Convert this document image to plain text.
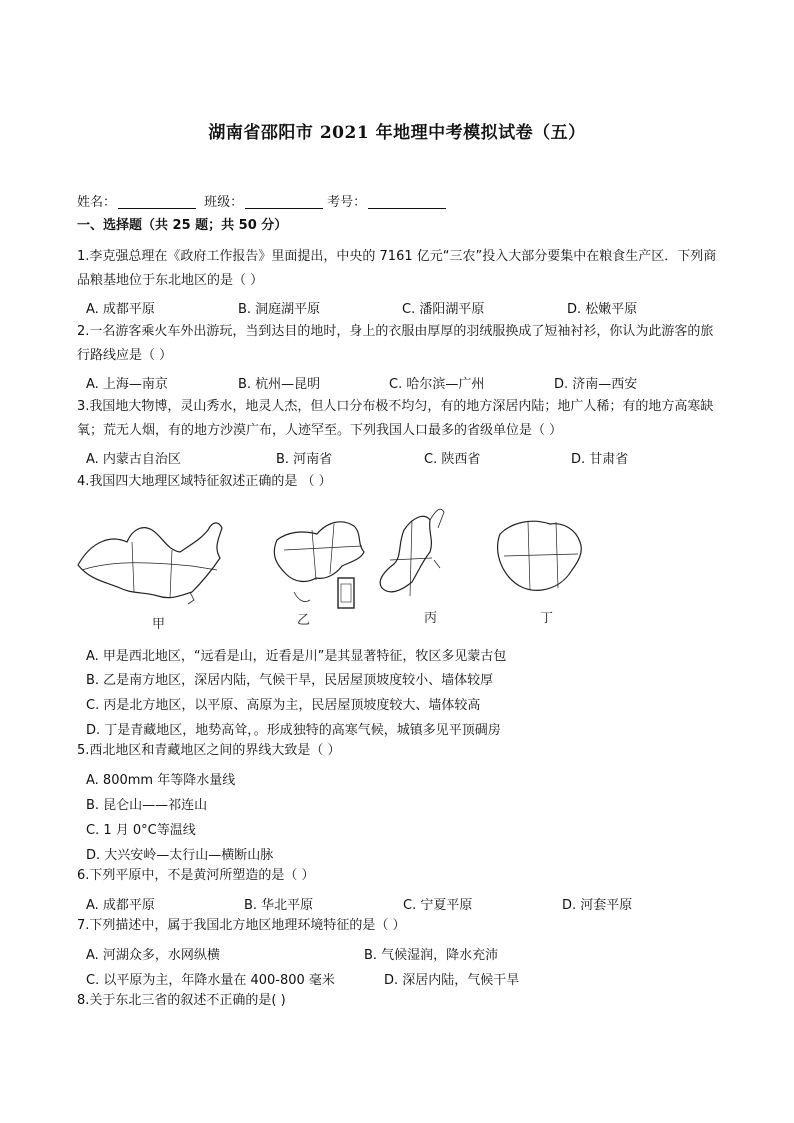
湖南省邵阳市 2021 年地理中考模拟试卷（五）
姓名：	班级：	考号：
一、选择题（共 25 题；共 50 分）
1.李克强总理在《政府工作报告》里面提出，中央的 7161 亿元“三农”投入大部分要集中在粮食生产区．下列商品粮基地位于东北地区的是（ ）
A. 成都平原	B. 洞庭湖平原	C. 潘阳湖平原	D. 松嫩平原
2.一名游客乘火车外出游玩，当到达目的地时，身上的衣服由厚厚的羽绒服换成了短袖衬衫，你认为此游客的旅行路线应是（ ）
A. 上海—南京	B. 杭州—昆明	C. 哈尔滨—广州	D. 济南—西安
3.我国地大物博，灵山秀水，地灵人杰，但人口分布极不均匀，有的地方深居内陆；地广人稀；有的地方高寒缺氧；荒无人烟，有的地方沙漠广布，人迹罕至。下列我国人口最多的省级单位是（ ）
A. 内蒙古自治区	B. 河南省	C. 陕西省	D. 甘肃省
4.我国四大地理区域特征叙述正确的是 （ ）
甲	乙	丙	丁
A. 甲是西北地区，“远看是山，近看是川”是其显著特征，牧区多见蒙古包
B. 乙是南方地区，深居内陆，气候干旱，民居屋顶坡度较小、墙体较厚
C. 丙是北方地区，以平原、高原为主，民居屋顶坡度较大、墙体较高
D. 丁是青藏地区，地势高耸，。形成独特的高寒气候，城镇多见平顶碉房
5.西北地区和青藏地区之间的界线大致是（ ）
A. 800mm 年等降水量线
B. 昆仑山——祁连山
C. 1 月 0°C等温线
D. 大兴安岭—太行山—横断山脉
6.下列平原中，不是黄河所塑造的是（ ）
A. 成都平原	B. 华北平原	C. 宁夏平原	D. 河套平原
7.下列描述中，属于我国北方地区地理环境特征的是（ ）
A. 河湖众多，水网纵横	B. 气候湿润，降水充沛
C. 以平原为主，年降水量在 400-800 毫米	D. 深居内陆，气候干旱
8.关于东北三省的叙述不正确的是( )
